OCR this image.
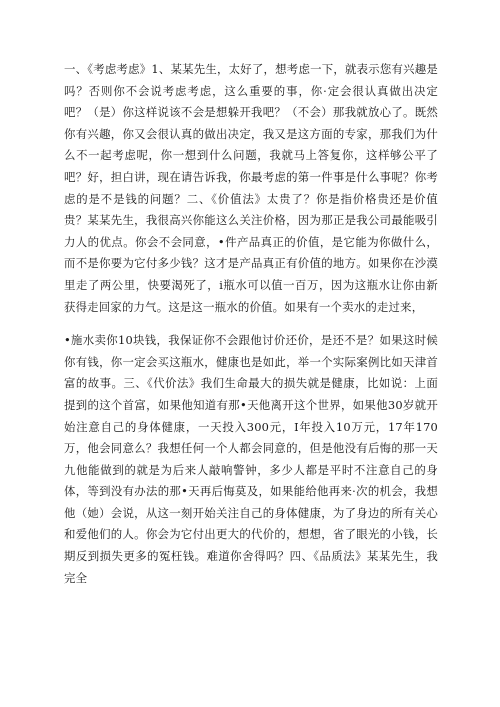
一、《考虑考虑》1、某某先生，太好了，想考虑一下，就表示您有兴趣是吗？否则你不会说考虑考虑，这么重要的事，你·定会很认真做出决定吧？（是）你这样说该不会是想躲开我吧？（不会）那我就放心了。既然你有兴趣，你又会很认真的做出决定，我又是这方面的专家，那我们为什么不一起考虑呢，你一想到什么问题，我就马上答复你，这样够公平了吧？好，担白讲，现在请告诉我，你最考虑的第一件事是什么事呢？你考虑的是不是钱的问题？二、《价值法》太贵了？你是指价格贵还是价值贵？某某先生，我很高兴你能这么关注价格，因为那正是我公司最能吸引力人的优点。你会不会同意，•件产品真正的价值，是它能为你做什么，而不是你要为它付多少钱？这才是产品真正有价值的地方。如果你在沙漠里走了两公里，快要渴死了，i瓶水可以值一百万，因为这瓶水让你由新获得走回家的力气。这是这一瓶水的价值。如果有一个卖水的走过来，

•施水卖你10块钱，我保证你不会跟他讨价还价，是还不是？如果这时候你有钱，你一定会买这瓶水，健康也是如此，举一个实际案例比如天津首富的故事。三、《代价法》我们生命最大的损失就是健康，比如说：上面提到的这个首富，如果他知道有那•天他离开这个世界，如果他30岁就开始注意自己的身体健康，一天投入300元，I年投入10万元，17年170万，他会同意么？我想任何一个人都会同意的，但是他没有后悔的那一天九他能做到的就是为后来人敲响警钟，多少人都是平时不注意自己的身体，等到没有办法的那•天再后悔莫及，如果能给他再来·次的机会，我想他（她）会说，从这一刻开始关注自己的身体健康，为了身边的所有关心和爱他们的人。你会为它付出更大的代价的，想想，省了眼光的小钱，长期反到损失更多的冤枉钱。难道你舍得吗？四、《品质法》某某先生，我完全
